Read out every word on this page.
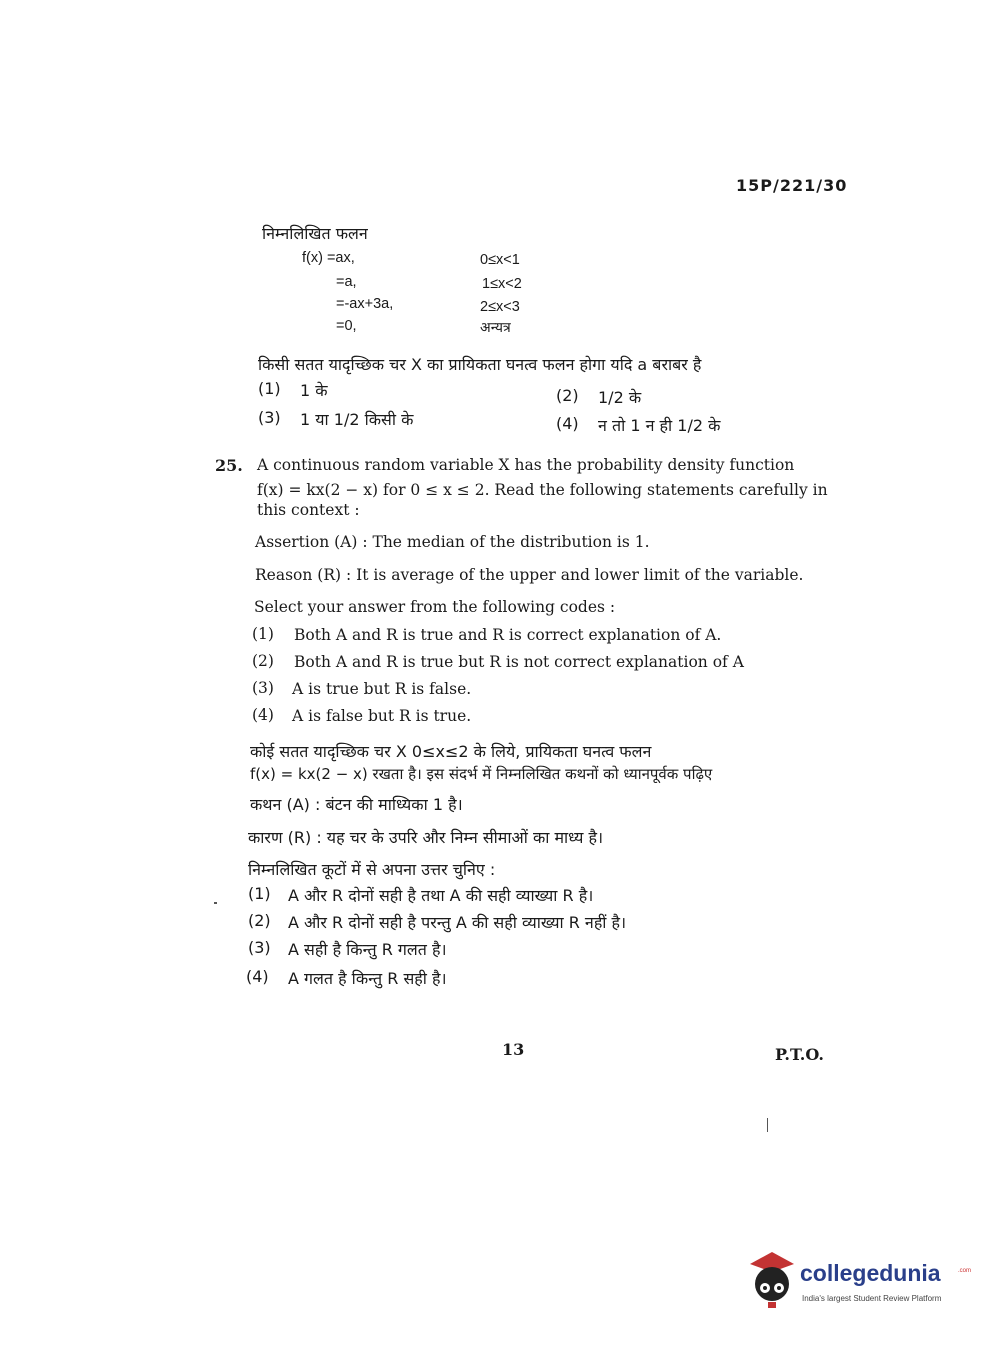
15P/221/30
निम्नलिखित फलन
f(x) =ax,	0≤x<1
=a,	1≤x<2
=-ax+3a,	2≤x<3
=0,	अन्यत्र
किसी सतत यादृच्छिक चर X का प्रायिकता घनत्व फलन होगा यदि a बराबर है
(1) 1 के	(2) 1/2 के
(3) 1 या 1/2 किसी के	(4) न तो 1 न ही 1/2 के
25. A continuous random variable X has the probability density function
f(x) = kx(2 − x) for 0 ≤ x ≤ 2. Read the following statements carefully in
this context :
Assertion (A) : The median of the distribution is 1.
Reason (R) : It is average of the upper and lower limit of the variable.
Select your answer from the following codes :
(1) Both A and R is true and R is correct explanation of A.
(2) Both A and R is true but R is not correct explanation of A
(3) A is true but R is false.
(4) A is false but R is true.
कोई सतत यादृच्छिक चर X 0≤x≤2 के लिये, प्रायिकता घनत्व फलन
f(x) = kx(2 − x) रखता है। इस संदर्भ में निम्नलिखित कथनों को ध्यानपूर्वक पढ़िए
कथन (A) : बंटन की माध्यिका 1 है।
कारण (R) : यह चर के उपरि और निम्न सीमाओं का माध्य है।
निम्नलिखित कूटों में से अपना उत्तर चुनिए :
(1) A और R दोनों सही है तथा A की सही व्याख्या R है।
(2) A और R दोनों सही है परन्तु A की सही व्याख्या R नहीं है।
(3) A सही है किन्तु R गलत है।
(4) A गलत है किन्तु R सही है।
13	P.T.O.
collegedunia	.com
India's largest Student Review Platform
